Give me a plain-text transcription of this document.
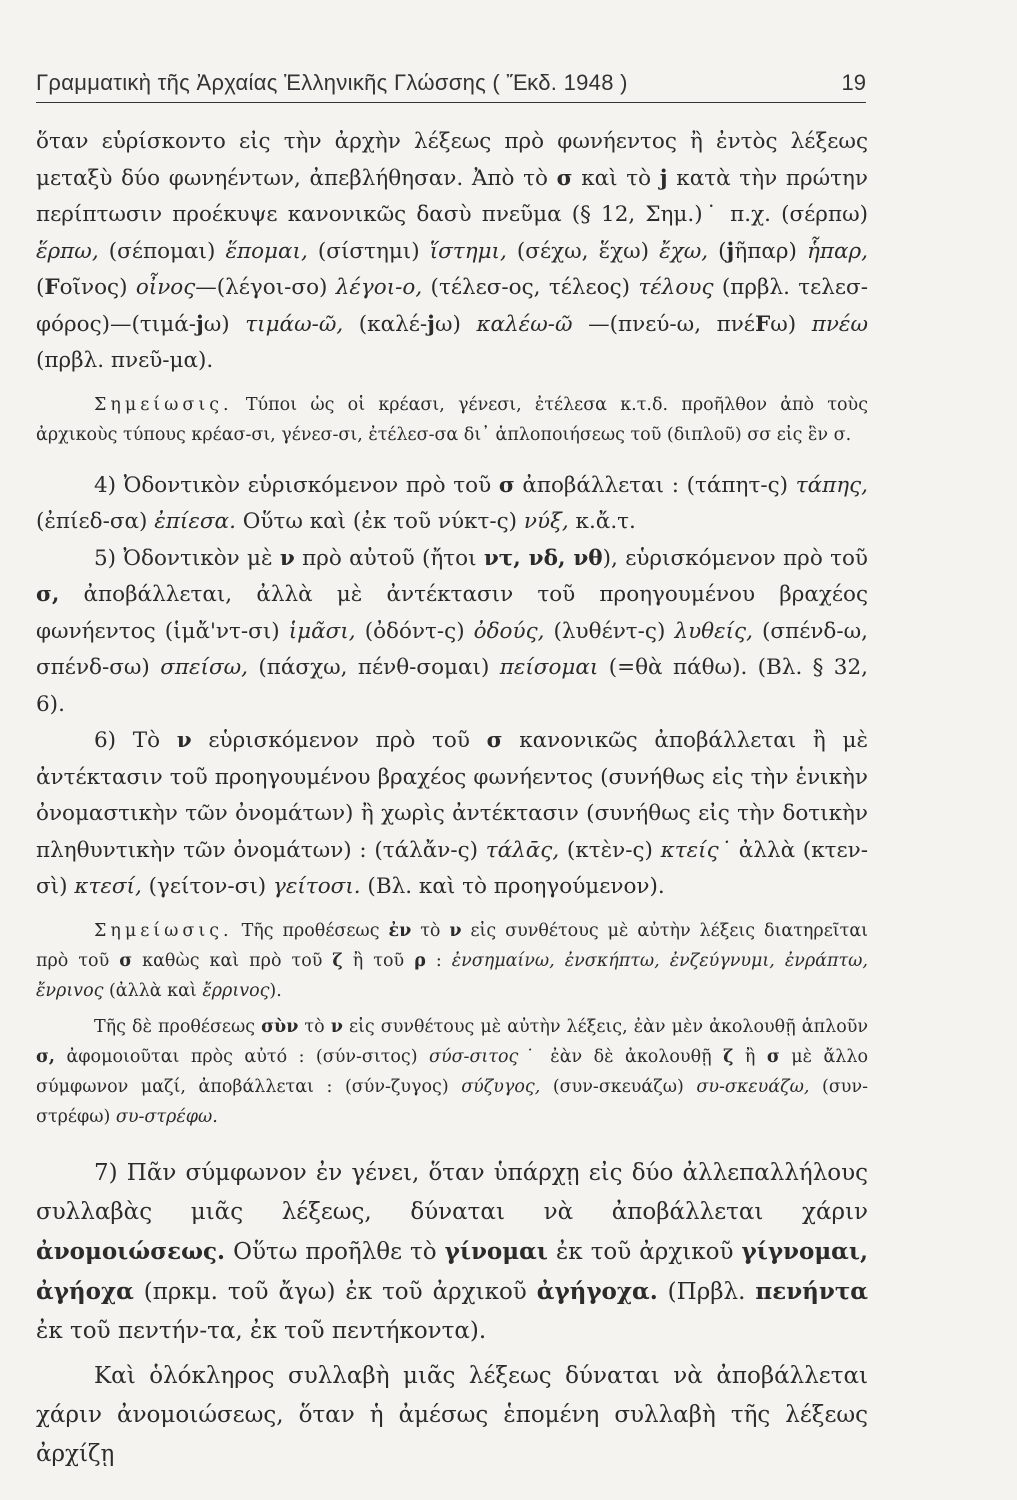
Γραμματικὴ τῆς Ἀρχαίας Ἑλληνικῆς Γλώσσης ( Ἔκδ. 1948 )	19

ὅταν εὑρίσκοντο εἰς τὴν ἀρχὴν λέξεως πρὸ φωνήεντος ἢ ἐντὸς λέξεως μεταξὺ δύο φωνηέντων, ἀπεβλήθησαν. Ἀπὸ τὸ σ καὶ τὸ j κατὰ τὴν πρώτην περίπτωσιν προέκυψε κανονικῶς δασὺ πνεῦμα (§ 12, Σημ.)˙ π.χ. (σέρπω) ἕρπω, (σέπομαι) ἕπομαι, (σίστημι) ἵστημι, (σέχω, ἕχω) ἔχω, (jῆπαρ) ἧπαρ, (Fοῖνος) οἶνος—(λέγοι-σο) λέγοι-ο, (τέλεσ-ος, τέλεος) τέλους (πρβλ. τελεσ-φόρος)—(τιμά-jω) τιμάω-ῶ, (καλέ-jω) καλέω-ῶ —(πνεύ-ω, πνέFω) πνέω (πρβλ. πνεῦ-μα).

Σημείωσις. Τύποι ὡς οἱ κρέασι, γένεσι, ἐτέλεσα κ.τ.δ. προῆλθον ἀπὸ τοὺς ἀρχικοὺς τύπους κρέασ-σι, γένεσ-σι, ἐτέλεσ-σα δι᾿ ἁπλοποιήσεως τοῦ (διπλοῦ) σσ εἰς ἓν σ.

4) Ὀδοντικὸν εὑρισκόμενον πρὸ τοῦ σ ἀποβάλλεται : (τάπητ-ς) τάπης, (ἐπίεδ-σα) ἐπίεσα. Οὕτω καὶ (ἐκ τοῦ νύκτ-ς) νύξ, κ.ἄ.τ.

5) Ὀδοντικὸν μὲ ν πρὸ αὐτοῦ (ἤτοι ντ, νδ, νθ), εὑρισκόμενον πρὸ τοῦ σ, ἀποβάλλεται, ἀλλὰ μὲ ἀντέκτασιν τοῦ προηγουμένου βραχέος φωνήεντος (ἱμἄ'ντ-σι) ἱμᾶσι, (ὀδόντ-ς) ὀδούς, (λυθέντ-ς) λυθείς, (σπένδ-ω, σπένδ-σω) σπείσω, (πάσχω, πένθ-σομαι) πείσομαι (=θὰ πάθω). (Βλ. § 32, 6).

6) Τὸ ν εὑρισκόμενον πρὸ τοῦ σ κανονικῶς ἀποβάλλεται ἢ μὲ ἀντέκτασιν τοῦ προηγουμένου βραχέος φωνήεντος (συνήθως εἰς τὴν ἑνικὴν ὀνομαστικὴν τῶν ὀνομάτων) ἢ χωρὶς ἀντέκτασιν (συνήθως εἰς τὴν δοτικὴν πληθυντικὴν τῶν ὀνομάτων) : (τάλἄν-ς) τάλᾱς, (κτὲν-ς) κτείς˙ ἀλλὰ (κτεν-σὶ) κτεσί, (γείτον-σι) γείτοσι. (Βλ. καὶ τὸ προηγούμενον).

Σημείωσις. Τῆς προθέσεως ἐν τὸ ν εἰς συνθέτους μὲ αὐτὴν λέξεις διατηρεῖται πρὸ τοῦ σ καθὼς καὶ πρὸ τοῦ ζ ἢ τοῦ ρ : ἐνσημαίνω, ἐνσκήπτω, ἐνζεύγνυμι, ἐνράπτω, ἔνριvος (ἀλλὰ καὶ ἔρριvος).

Τῆς δὲ προθέσεως σὺν τὸ ν εἰς συνθέτους μὲ αὐτὴν λέξεις, ἐὰν μὲν ἀκολουθῇ ἁπλοῦν σ, ἀφομοιοῦται πρὸς αὐτό : (σύν-σιτος) σύσ-σιτος˙ ἐὰν δὲ ἀκολουθῇ ζ ἢ σ μὲ ἄλλο σύμφωνον μαζί, ἀποβάλλεται : (σύν-ζυγος) σύζυγος, (συν-σκευάζω) συ-σκευάζω, (συν-στρέφω) συ-στρέφω.

7) Πᾶν σύμφωνον ἐν γένει, ὅταν ὑπάρχῃ εἰς δύο ἀλλεπαλλήλους συλλαβὰς μιᾶς λέξεως, δύναται νὰ ἀποβάλλεται χάριν ἀνομοιώσεως. Οὕτω προῆλθε τὸ γίνομαι ἐκ τοῦ ἀρχικοῦ γίγνομαι, ἀγήοχα (πρκμ. τοῦ ἄγω) ἐκ τοῦ ἀρχικοῦ ἀγήγοχα. (Πρβλ. πενήντα ἐκ τοῦ πεντήν-τα, ἐκ τοῦ πεντήκοντα).

Καὶ ὁλόκληρος συλλαβὴ μιᾶς λέξεως δύναται νὰ ἀποβάλλεται χάριν ἀνομοιώσεως, ὅταν ἡ ἀμέσως ἑπομένη συλλαβὴ τῆς λέξεως ἀρχίζῃ
